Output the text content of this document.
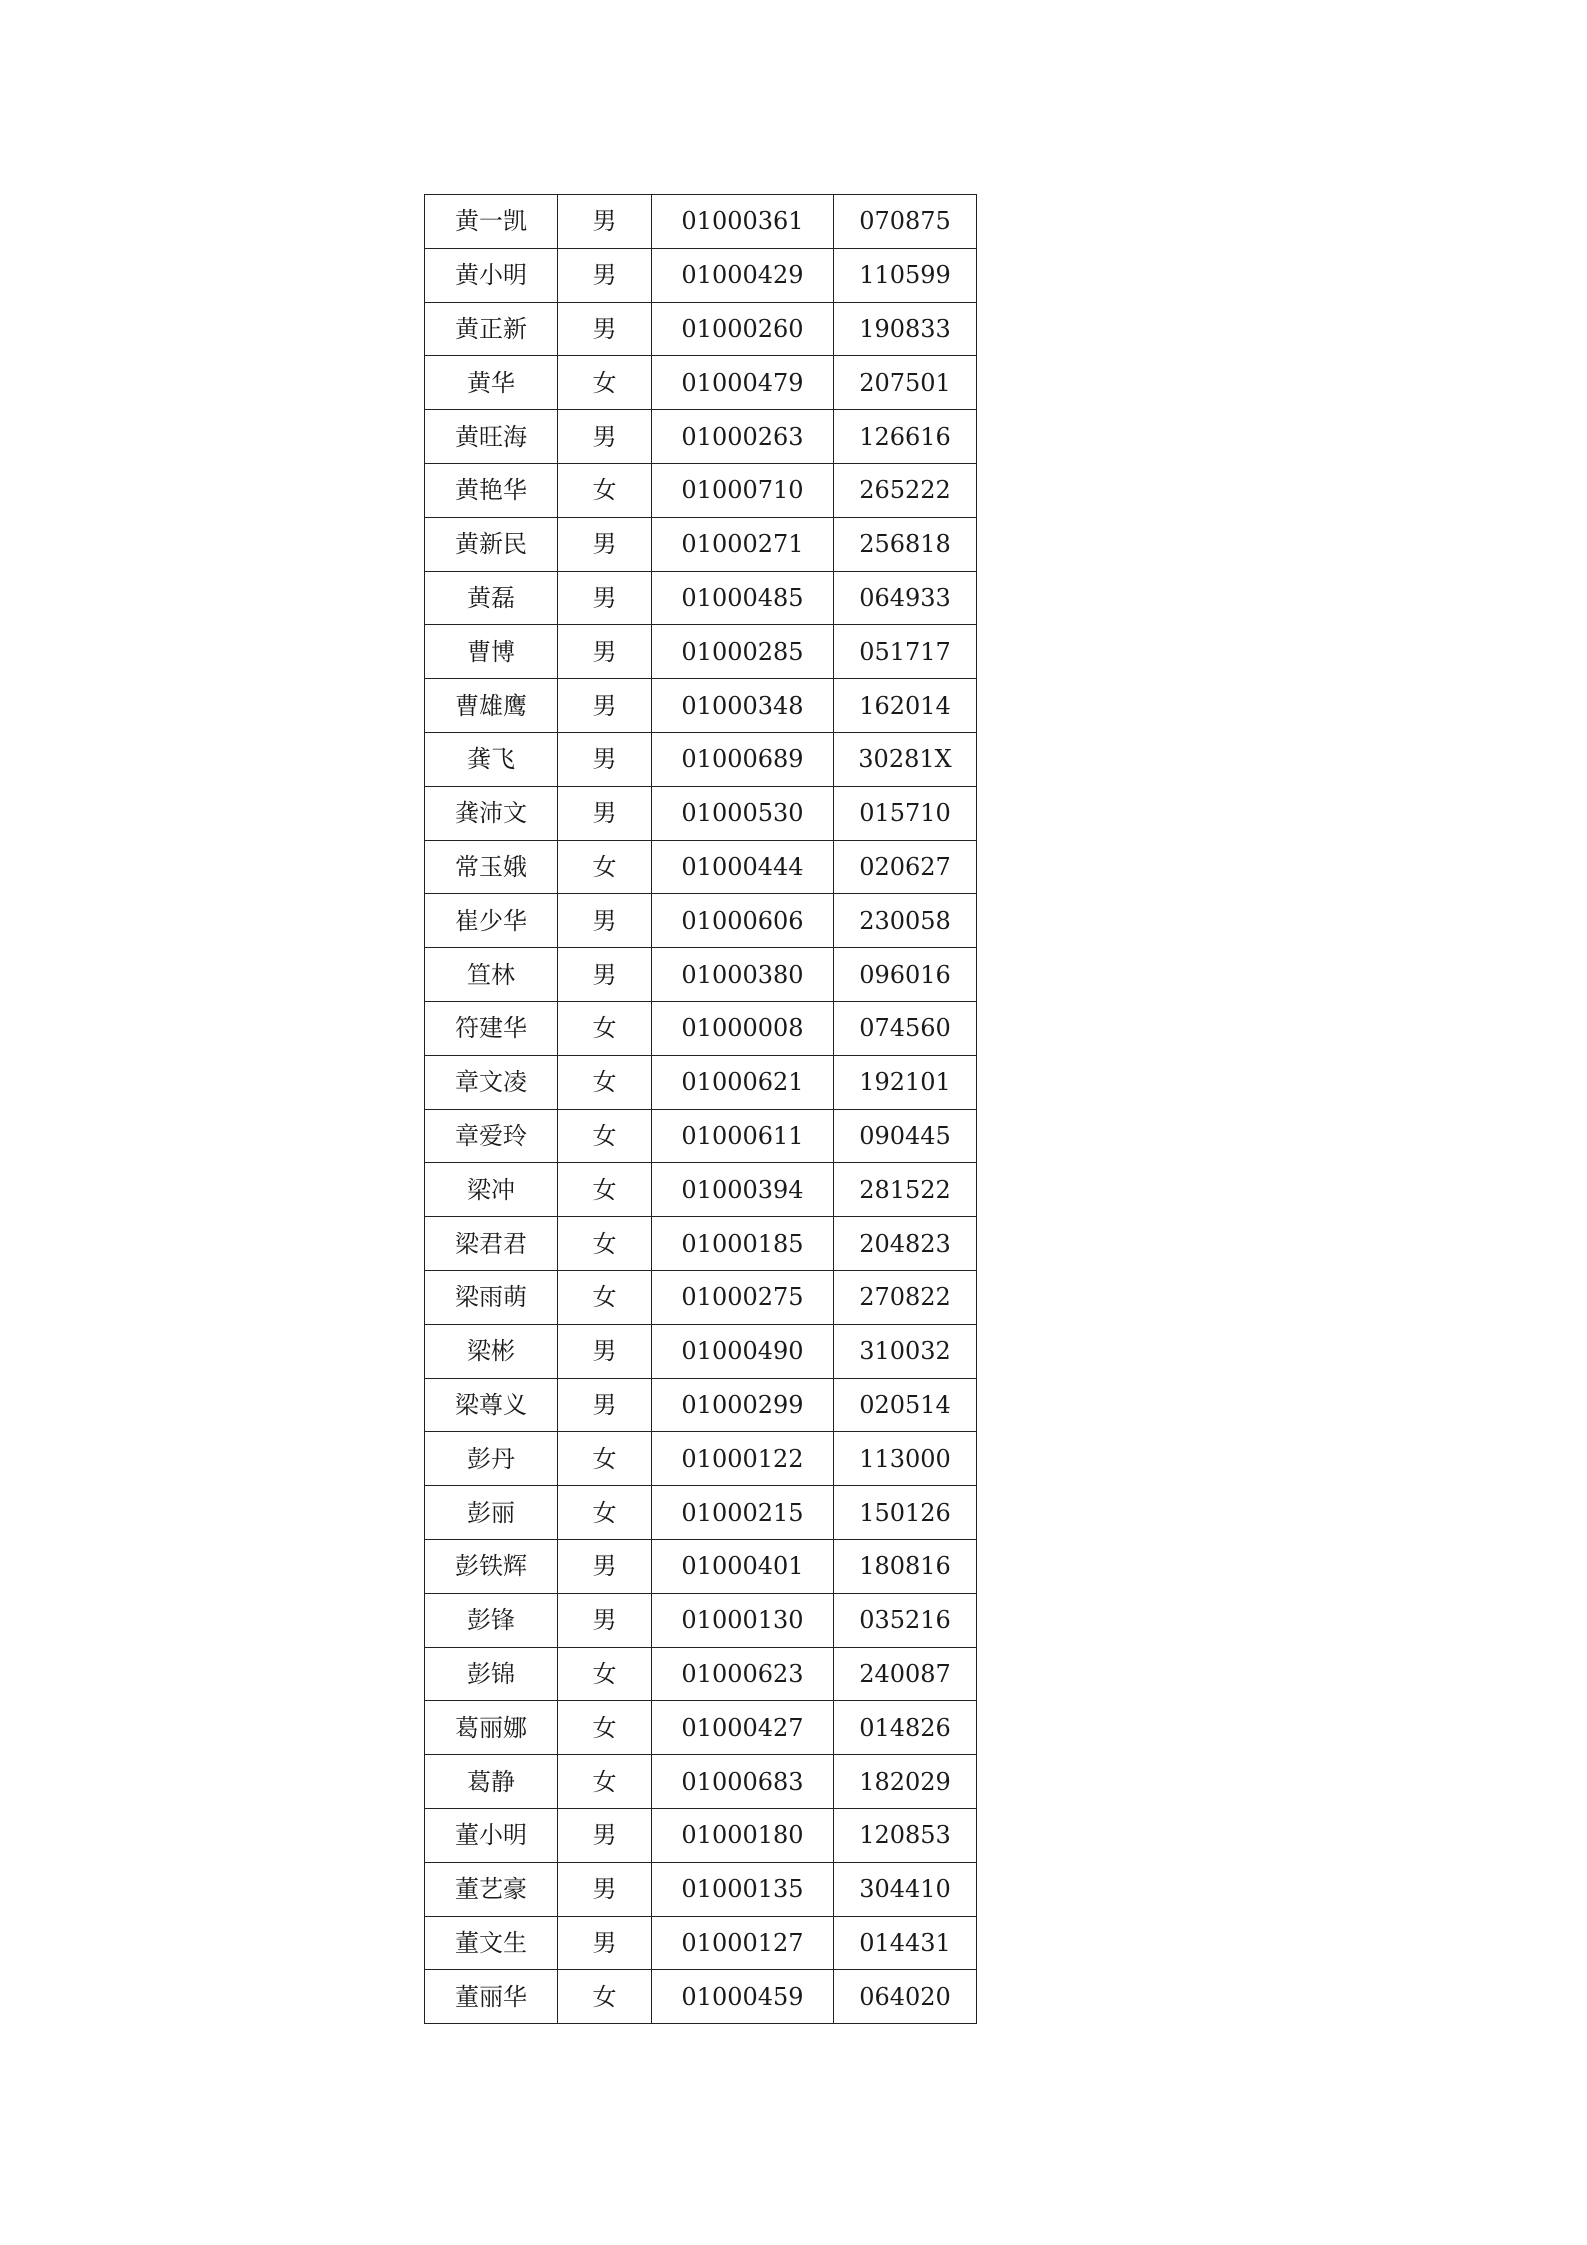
黄一凯	男	01000361	070875
黄小明	男	01000429	110599
黄正新	男	01000260	190833
黄华	女	01000479	207501
黄旺海	男	01000263	126616
黄艳华	女	01000710	265222
黄新民	男	01000271	256818
黄磊	男	01000485	064933
曹博	男	01000285	051717
曹雄鹰	男	01000348	162014
龚飞	男	01000689	30281X
龚沛文	男	01000530	015710
常玉娥	女	01000444	020627
崔少华	男	01000606	230058
笪林	男	01000380	096016
符建华	女	01000008	074560
章文凌	女	01000621	192101
章爱玲	女	01000611	090445
梁冲	女	01000394	281522
梁君君	女	01000185	204823
梁雨萌	女	01000275	270822
梁彬	男	01000490	310032
梁尊义	男	01000299	020514
彭丹	女	01000122	113000
彭丽	女	01000215	150126
彭铁辉	男	01000401	180816
彭锋	男	01000130	035216
彭锦	女	01000623	240087
葛丽娜	女	01000427	014826
葛静	女	01000683	182029
董小明	男	01000180	120853
董艺豪	男	01000135	304410
董文生	男	01000127	014431
董丽华	女	01000459	064020
